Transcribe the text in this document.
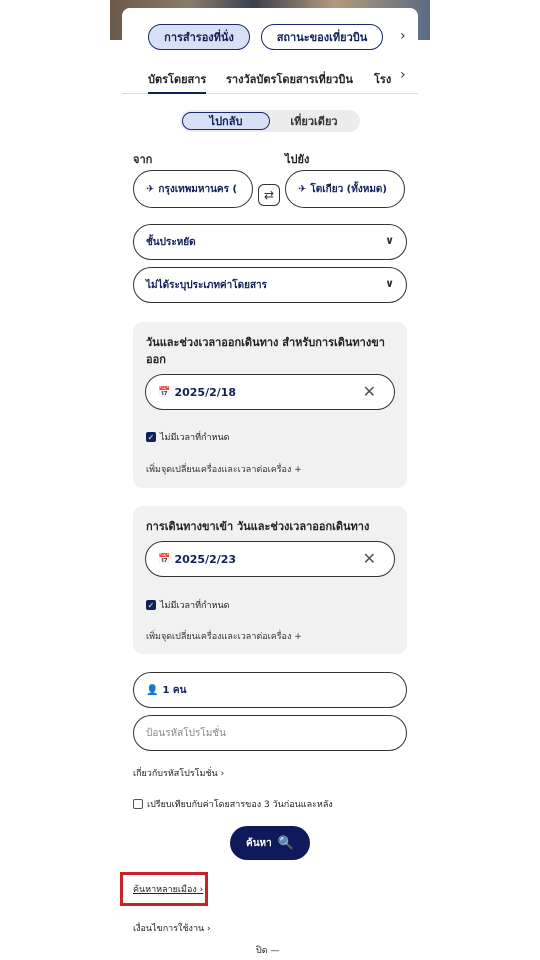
การสำรองที่นั่ง	สถานะของเที่ยวบิน	›
บัตรโดยสาร รางวัลบัตรโดยสารเที่ยวบิน โรง ›
ไปกลับ	เที่ยวเดียว
จาก	ไปยัง
✈ กรุงเทพมหานคร (	⇄	✈ โตเกียว (ทั้งหมด)
ชั้นประหยัด	∨
ไม่ได้ระบุประเภทค่าโดยสาร	∨
วันและช่วงเวลาออกเดินทาง สำหรับการเดินทางขาออก
📅 2025/2/18	✕
✓ ไม่มีเวลาที่กำหนด
เพิ่มจุดเปลี่ยนเครื่องและเวลาต่อเครื่อง +
การเดินทางขาเข้า วันและช่วงเวลาออกเดินทาง
📅 2025/2/23	✕
✓ ไม่มีเวลาที่กำหนด
เพิ่มจุดเปลี่ยนเครื่องและเวลาต่อเครื่อง +
👤 1 คน
ป้อนรหัสโปรโมชั่น
เกี่ยวกับรหัสโปรโมชั่น ›
เปรียบเทียบกับค่าโดยสารของ 3 วันก่อนและหลัง
ค้นหา 🔍
ค้นหาหลายเมือง ›
เงื่อนไขการใช้งาน ›
ปิด —
